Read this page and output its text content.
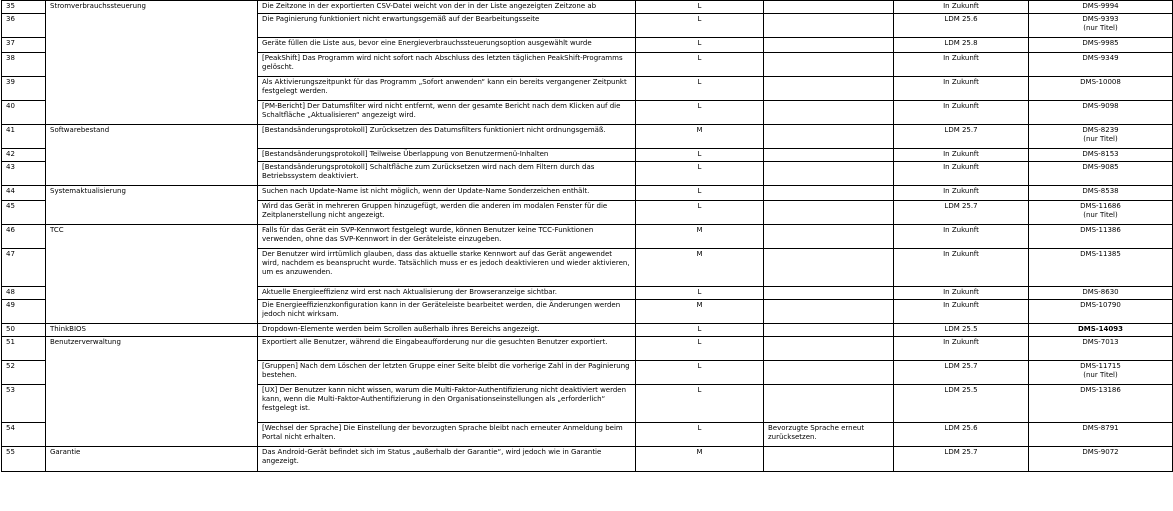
35	Stromverbrauchssteuerung	Die Zeitzone in der exportierten CSV-Datei weicht von der in der Liste angezeigten Zeitzone ab	L		In Zukunft	DMS-9994

36		Die Paginierung funktioniert nicht erwartungsgemäß auf der Bearbeitungsseite	L		LDM 25.6	DMS-9393
(nur Titel)

37		Geräte füllen die Liste aus, bevor eine Energieverbrauchssteuerungsoption ausgewählt wurde	L		LDM 25.8	DMS-9985

38		[PeakShift] Das Programm wird nicht sofort nach Abschluss des letzten täglichen PeakShift-Programms gelöscht.	L		In Zukunft	DMS-9349

39		Als Aktivierungszeitpunkt für das Programm „Sofort anwenden“ kann ein bereits vergangener Zeitpunkt festgelegt werden.	L		In Zukunft	DMS-10008

40		[PM-Bericht] Der Datumsfilter wird nicht entfernt, wenn der gesamte Bericht nach dem Klicken auf die Schaltfläche „Aktualisieren“ angezeigt wird.	L		In Zukunft	DMS-9098

41	Softwarebestand	[Bestandsänderungsprotokoll] Zurücksetzen des Datumsfilters funktioniert nicht ordnungsgemäß.	M		LDM 25.7	DMS-8239
(nur Titel)

42		[Bestandsänderungsprotokoll] Teilweise Überlappung von Benutzermenü-Inhalten	L		In Zukunft	DMS-8153

43		[Bestandsänderungsprotokoll] Schaltfläche zum Zurücksetzen wird nach dem Filtern durch das Betriebssystem deaktiviert.	L		In Zukunft	DMS-9085

44	Systemaktualisierung	Suchen nach Update-Name ist nicht möglich, wenn der Update-Name Sonderzeichen enthält.	L		In Zukunft	DMS-8538

45		Wird das Gerät in mehreren Gruppen hinzugefügt, werden die anderen im modalen Fenster für die Zeitplanerstellung nicht angezeigt.	L		LDM 25.7	DMS-11686
(nur Titel)

46	TCC	Falls für das Gerät ein SVP-Kennwort festgelegt wurde, können Benutzer keine TCC-Funktionen verwenden, ohne das SVP-Kennwort in der Geräteleiste einzugeben.	M		In Zukunft	DMS-11386

47		Der Benutzer wird irrtümlich glauben, dass das aktuelle starke Kennwort auf das Gerät angewendet wird, nachdem es beansprucht wurde. Tatsächlich muss er es jedoch deaktivieren und wieder aktivieren, um es anzuwenden.	M		In Zukunft	DMS-11385

48		Aktuelle Energieeffizienz wird erst nach Aktualisierung der Browseranzeige sichtbar.	L		In Zukunft	DMS-8630

49		Die Energieeffizienzkonfiguration kann in der Geräteleiste bearbeitet werden, die Änderungen werden jedoch nicht wirksam.	M		In Zukunft	DMS-10790

50	ThinkBIOS	Dropdown-Elemente werden beim Scrollen außerhalb ihres Bereichs angezeigt.	L		LDM 25.5	DMS-14093

51	Benutzerverwaltung	Exportiert alle Benutzer, während die Eingabeaufforderung nur die gesuchten Benutzer exportiert.	L		In Zukunft	DMS-7013

52		[Gruppen] Nach dem Löschen der letzten Gruppe einer Seite bleibt die vorherige Zahl in der Paginierung bestehen.	L		LDM 25.7	DMS-11715
(nur Titel)

53		[UX] Der Benutzer kann nicht wissen, warum die Multi-Faktor-Authentifizierung nicht deaktiviert werden kann, wenn die Multi-Faktor-Authentifizierung in den Organisationseinstellungen als „erforderlich“ festgelegt ist.	L		LDM 25.5	DMS-13186

54		[Wechsel der Sprache] Die Einstellung der bevorzugten Sprache bleibt nach erneuter Anmeldung beim Portal nicht erhalten.	L	Bevorzugte Sprache erneut zurücksetzen.	LDM 25.6	DMS-8791

55	Garantie	Das Android-Gerät befindet sich im Status „außerhalb der Garantie“, wird jedoch wie in Garantie angezeigt.	M		LDM 25.7	DMS-9072
